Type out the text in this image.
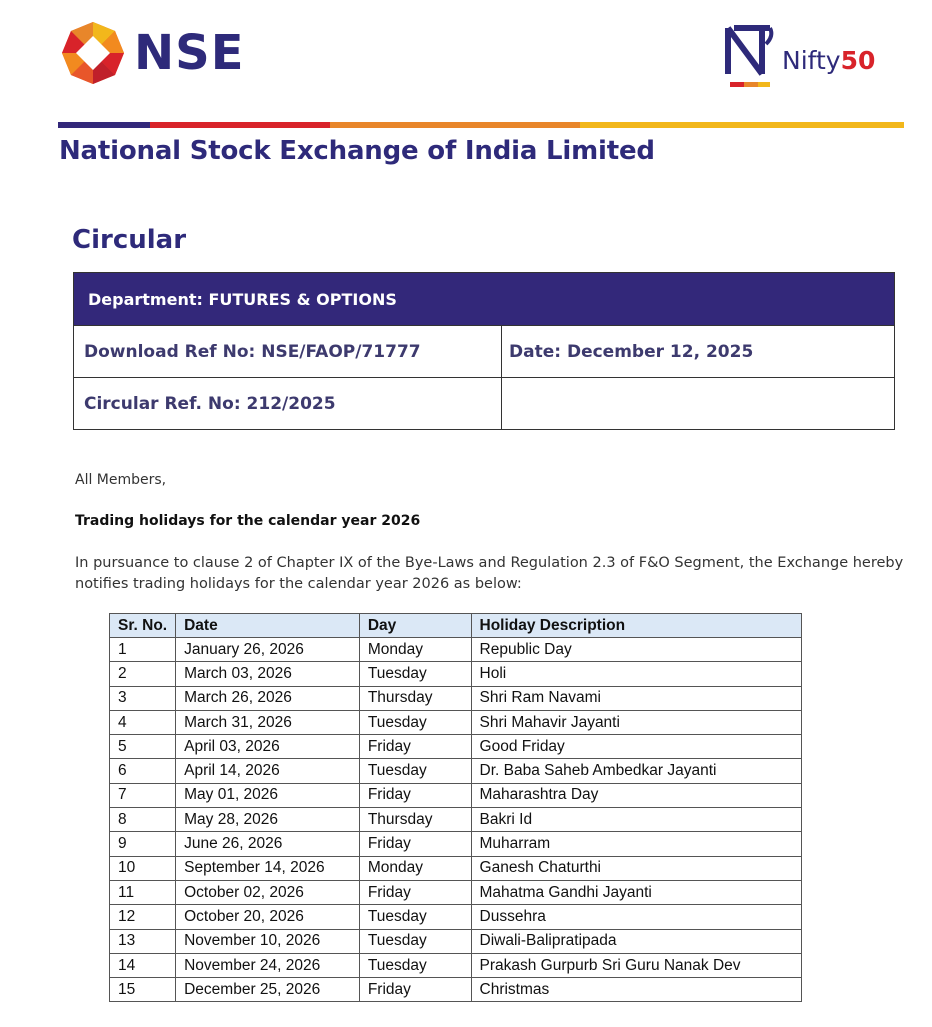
NSE	Nifty50
National Stock Exchange of India Limited
Circular
Department: FUTURES & OPTIONS
Download Ref No: NSE/FAOP/71777	Date: December 12, 2025
Circular Ref. No: 212/2025
All Members,
Trading holidays for the calendar year 2026
In pursuance to clause 2 of Chapter IX of the Bye-Laws and Regulation 2.3 of F&O Segment, the Exchange hereby notifies trading holidays for the calendar year 2026 as below:
Sr. No.	Date	Day	Holiday Description
1	January 26, 2026	Monday	Republic Day
2	March 03, 2026	Tuesday	Holi
3	March 26, 2026	Thursday	Shri Ram Navami
4	March 31, 2026	Tuesday	Shri Mahavir Jayanti
5	April 03, 2026	Friday	Good Friday
6	April 14, 2026	Tuesday	Dr. Baba Saheb Ambedkar Jayanti
7	May 01, 2026	Friday	Maharashtra Day
8	May 28, 2026	Thursday	Bakri Id
9	June 26, 2026	Friday	Muharram
10	September 14, 2026	Monday	Ganesh Chaturthi
11	October 02, 2026	Friday	Mahatma Gandhi Jayanti
12	October 20, 2026	Tuesday	Dussehra
13	November 10, 2026	Tuesday	Diwali-Balipratipada
14	November 24, 2026	Tuesday	Prakash Gurpurb Sri Guru Nanak Dev
15	December 25, 2026	Friday	Christmas
